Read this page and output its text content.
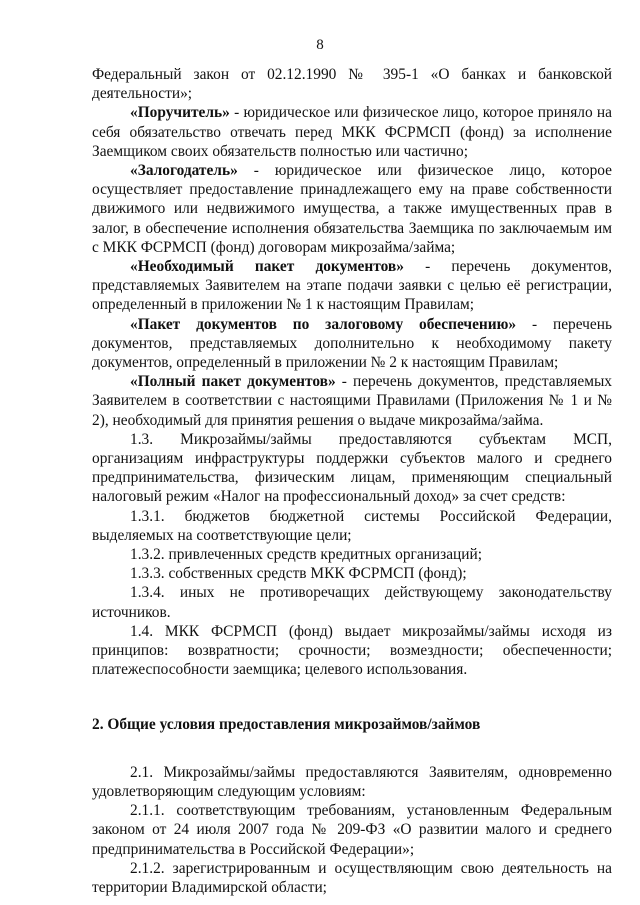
8

Федеральный закон от 02.12.1990 № 395-1 «О банках и банковской деятельности»;

«Поручитель» - юридическое или физическое лицо, которое приняло на себя обязательство отвечать перед МКК ФСРМСП (фонд) за исполнение Заемщиком своих обязательств полностью или частично;

«Залогодатель» - юридическое или физическое лицо, которое осуществляет предоставление принадлежащего ему на праве собственности движимого или недвижимого имущества, а также имущественных прав в залог, в обеспечение исполнения обязательства Заемщика по заключаемым им с МКК ФСРМСП (фонд) договорам микрозайма/займа;

«Необходимый пакет документов» - перечень документов, представляемых Заявителем на этапе подачи заявки с целью её регистрации, определенный в приложении № 1 к настоящим Правилам;

«Пакет документов по залоговому обеспечению» - перечень документов, представляемых дополнительно к необходимому пакету документов, определенный в приложении № 2 к настоящим Правилам;

«Полный пакет документов» - перечень документов, представляемых Заявителем в соответствии с настоящими Правилами (Приложения № 1 и № 2), необходимый для принятия решения о выдаче микрозайма/займа.

1.3. Микрозаймы/займы предоставляются субъектам МСП, организациям инфраструктуры поддержки субъектов малого и среднего предпринимательства, физическим лицам, применяющим специальный налоговый режим «Налог на профессиональный доход» за счет средств:

1.3.1. бюджетов бюджетной системы Российской Федерации, выделяемых на соответствующие цели;

1.3.2. привлеченных средств кредитных организаций;

1.3.3. собственных средств МКК ФСРМСП (фонд);

1.3.4. иных не противоречащих действующему законодательству источников.

1.4. МКК ФСРМСП (фонд) выдает микрозаймы/займы исходя из принципов: возвратности; срочности; возмездности; обеспеченности; платежеспособности заемщика; целевого использования.

2. Общие условия предоставления микрозаймов/займов

2.1. Микрозаймы/займы предоставляются Заявителям, одновременно удовлетворяющим следующим условиям:

2.1.1. соответствующим требованиям, установленным Федеральным законом от 24 июля 2007 года № 209-ФЗ «О развитии малого и среднего предпринимательства в Российской Федерации»;

2.1.2. зарегистрированным и осуществляющим свою деятельность на территории Владимирской области;
